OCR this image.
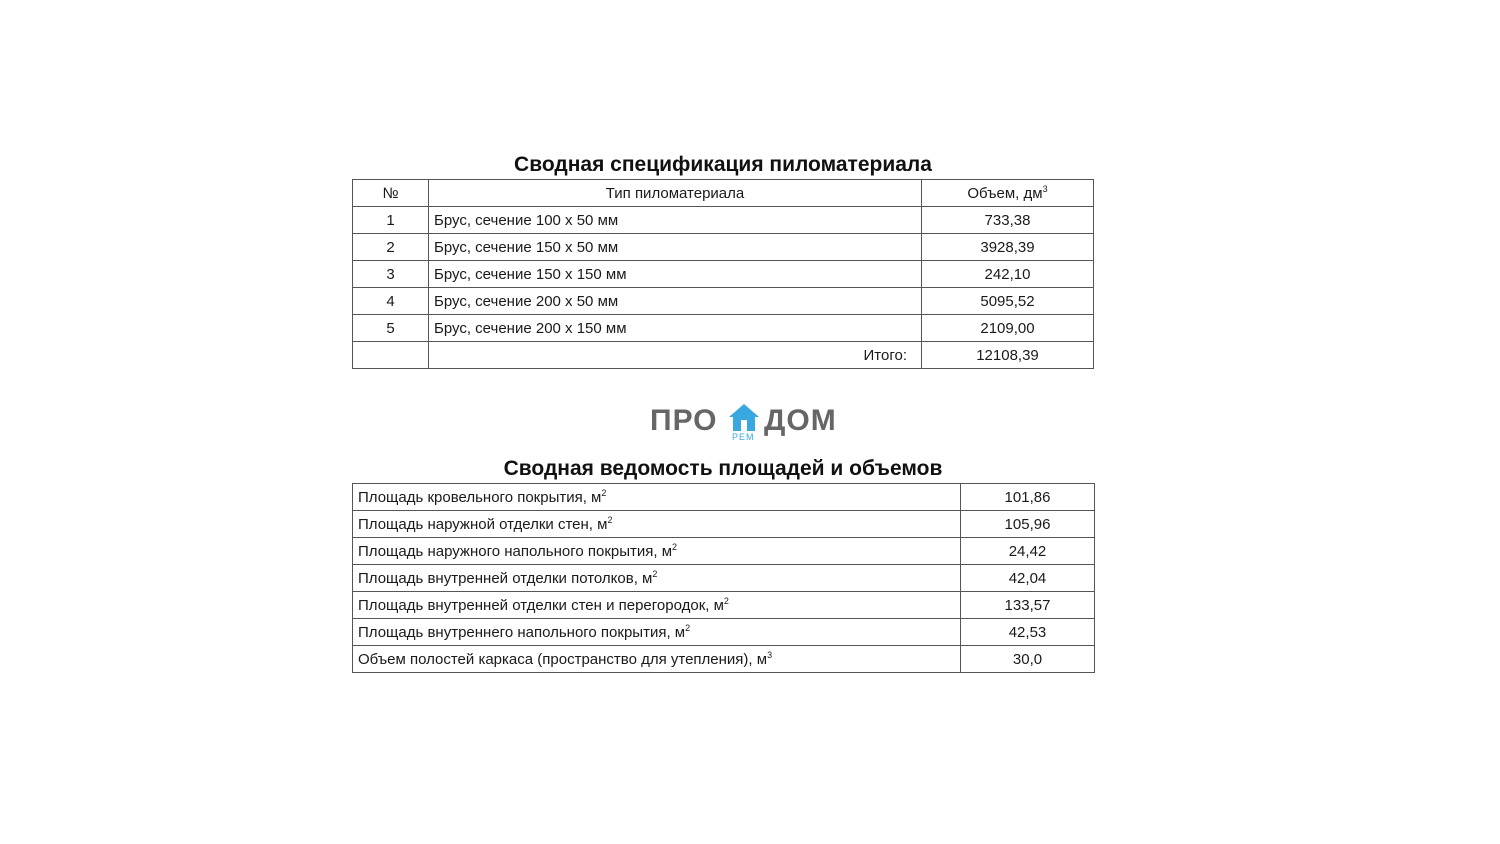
Сводная спецификация пиломатериала
№	Тип пиломатериала	Объем, $дм^3$
1	Брус, сечение 100 х 50 мм	733,38
2	Брус, сечение 150 х 50 мм	3928,39
3	Брус, сечение 150 х 150 мм	242,10
4	Брус, сечение 200 х 50 мм	5095,52
5	Брус, сечение 200 х 150 мм	2109,00
	Итого:	12108,39
ПРО РЕМ ДОМ
Сводная ведомость площадей и объемов
Площадь кровельного покрытия, $м^2$	101,86
Площадь наружной отделки стен, $м^2$	105,96
Площадь наружного напольного покрытия, $м^2$	24,42
Площадь внутренней отделки потолков, $м^2$	42,04
Площадь внутренней отделки стен и перегородок, $м^2$	133,57
Площадь внутреннего напольного покрытия, $м^2$	42,53
Объем полостей каркаса (пространство для утепления), $м^3$	30,0
